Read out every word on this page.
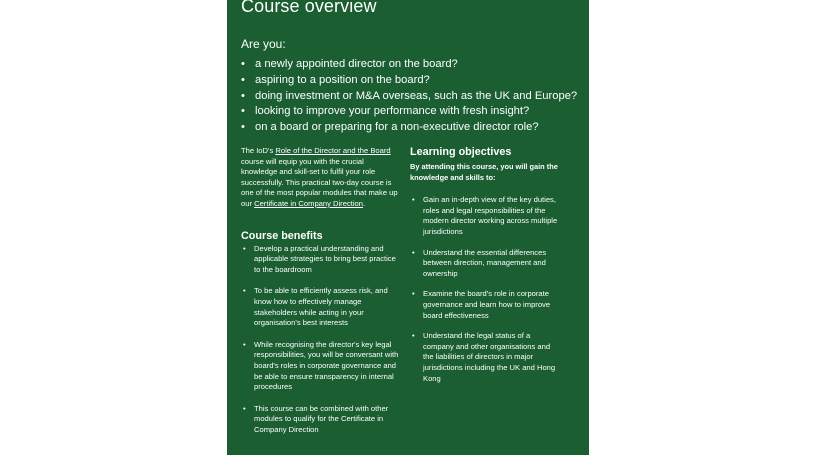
Course overview
Are you:
• a newly appointed director on the board?
• aspiring to a position on the board?
• doing investment or M&A overseas, such as the UK and Europe?
• looking to improve your performance with fresh insight?
• on a board or preparing for a non-executive director role?

The IoD's Role of the Director and the Board course will equip you with the crucial knowledge and skill-set to fulfil your role successfully. This practical two-day course is one of the most popular modules that make up our Certificate in Company Direction.

Course benefits
• Develop a practical understanding and applicable strategies to bring best practice to the boardroom
• To be able to efficiently assess risk, and know how to effectively manage stakeholders while acting in your organisation's best interests
• While recognising the director's key legal responsibilities, you will be conversant with board's roles in corporate governance and be able to ensure transparency in internal procedures
• This course can be combined with other modules to qualify for the Certificate in Company Direction
Learning objectives
By attending this course, you will gain the knowledge and skills to:
• Gain an in-depth view of the key duties, roles and legal responsibilities of the modern director working across multiple jurisdictions
• Understand the essential differences between direction, management and ownership
• Examine the board's role in corporate governance and learn how to improve board effectiveness
• Understand the legal status of a company and other organisations and the liabilities of directors in major jurisdictions including the UK and Hong Kong
